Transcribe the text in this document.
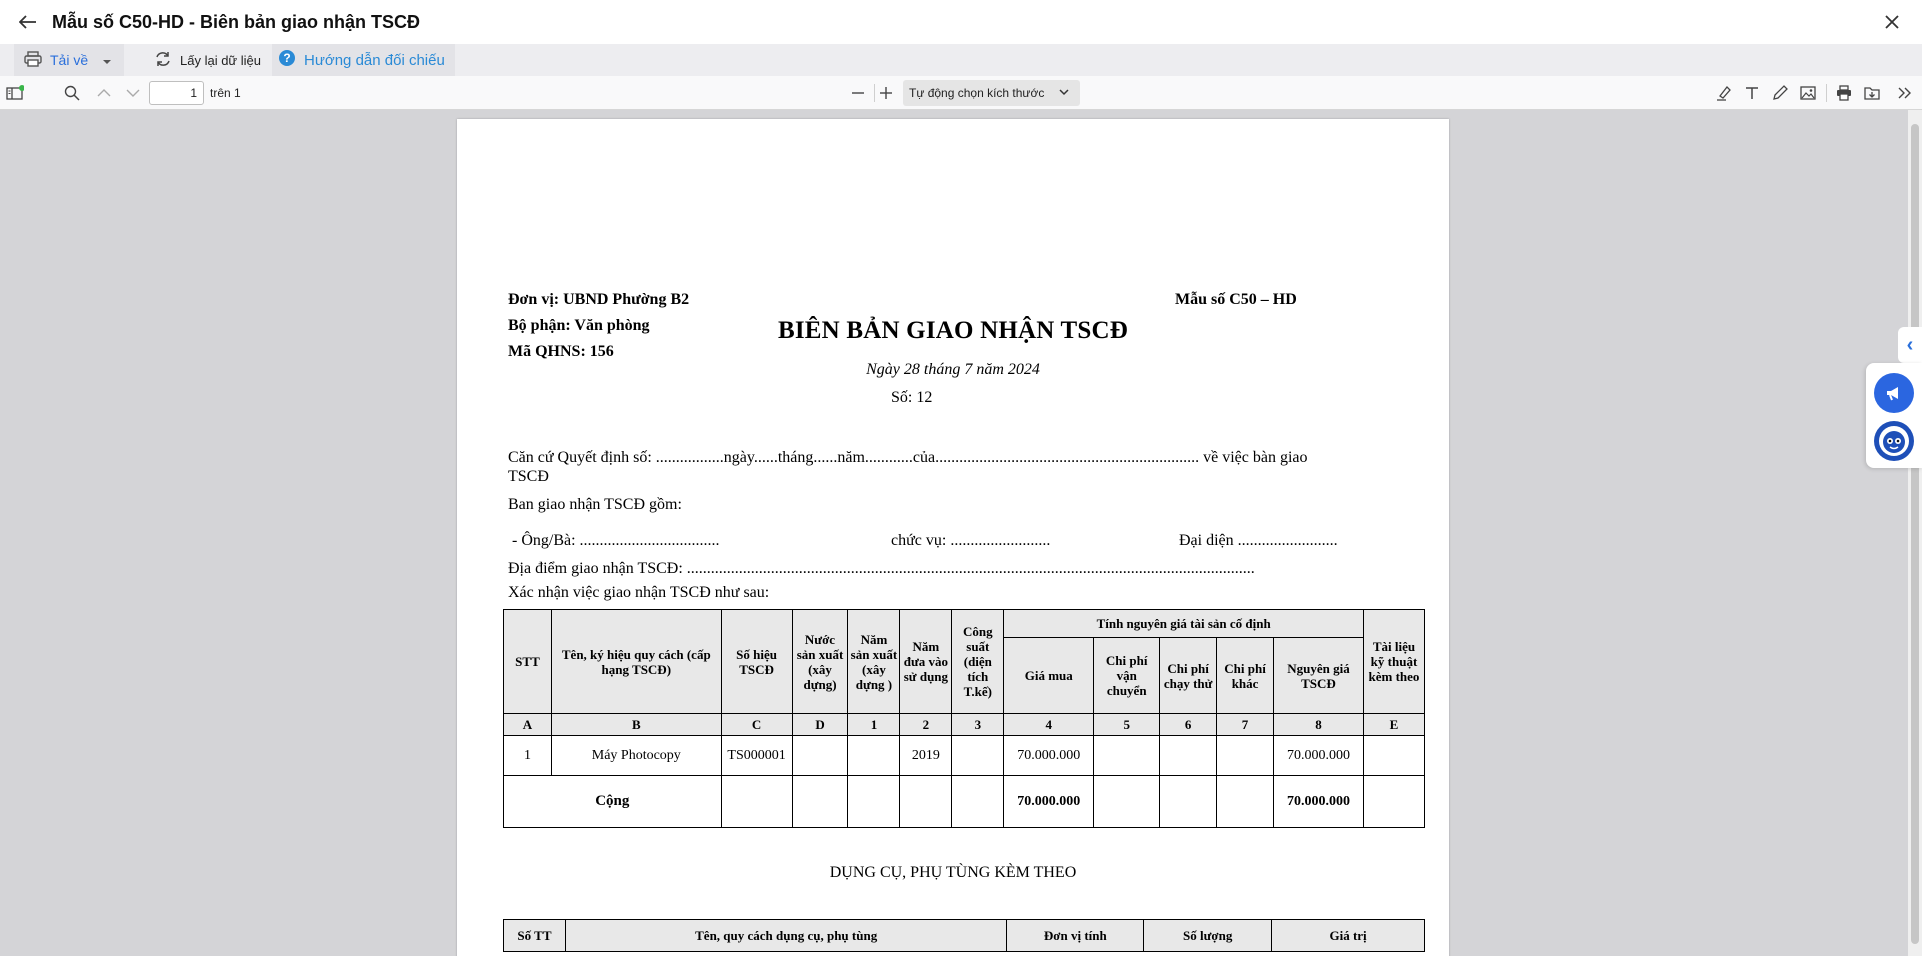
Mẫu số C50-HD - Biên bản giao nhận TSCĐ
Tải về	Lấy lại dữ liệu ? Hướng dẫn đối chiếu
1	trên 1	Tự động chọn kích thước
Đơn vị: UBND Phường B2
Bộ phận: Văn phòng
Mã QHNS: 156
Mẫu số C50 – HD
BIÊN BẢN GIAO NHẬN TSCĐ
Ngày 28 tháng 7 năm 2024
Số: 12
Căn cứ Quyết định số: .................ngày......tháng......năm............của.................................................................. về việc bàn giao
TSCĐ
Ban giao nhận TSCĐ gồm:
- Ông/Bà: ...................................	chức vụ: .........................	Đại diện .........................
Địa điểm giao nhận TSCĐ: ..............................................................................................................................................
Xác nhận việc giao nhận TSCĐ như sau:
STT	Tên, ký hiệu quy cách (cấp hạng TSCĐ)	Số hiệu TSCĐ	Nước sản xuất (xây dựng)	Năm sản xuất (xây dựng )	Năm đưa vào sử dụng	Công suất (diện tích T.kế)	Tính nguyên giá tài sản cố định					Tài liệu kỹ thuật kèm theo
							Giá mua	Chi phí vận chuyển	Chi phí chạy thử	Chi phí khác	Nguyên giá TSCĐ	
A	B	C	D	1	2	3	4	5	6	7	8	E
1	Máy Photocopy	TS000001			2019		70.000.000				70.000.000	
Cộng							70.000.000				70.000.000	
DỤNG CỤ, PHỤ TÙNG KÈM THEO
Số TT	Tên, quy cách dụng cụ, phụ tùng	Đơn vị tính	Số lượng	Giá trị
‹
